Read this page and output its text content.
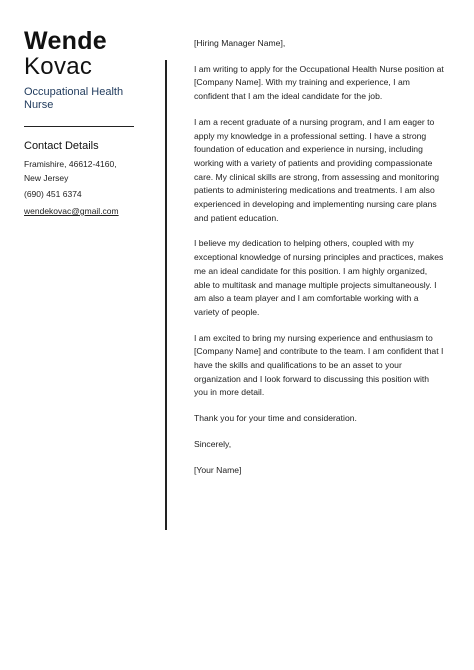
Wende
Kovac
Occupational Health Nurse
Contact Details
Framishire, 46612-4160,
New Jersey
(690) 451 6374
wendekovac@gmail.com

[Hiring Manager Name],

I am writing to apply for the Occupational Health Nurse position at [Company Name]. With my training and experience, I am confident that I am the ideal candidate for the job.

I am a recent graduate of a nursing program, and I am eager to apply my knowledge in a professional setting. I have a strong foundation of education and experience in nursing, including working with a variety of patients and providing compassionate care. My clinical skills are strong, from assessing and monitoring patients to administering medications and treatments. I am also experienced in developing and implementing nursing care plans and patient education.

I believe my dedication to helping others, coupled with my exceptional knowledge of nursing principles and practices, makes me an ideal candidate for this position. I am highly organized, able to multitask and manage multiple projects simultaneously. I am also a team player and I am comfortable working with a variety of people.

I am excited to bring my nursing experience and enthusiasm to [Company Name] and contribute to the team. I am confident that I have the skills and qualifications to be an asset to your organization and I look forward to discussing this position with you in more detail.

Thank you for your time and consideration.

Sincerely,

[Your Name]
